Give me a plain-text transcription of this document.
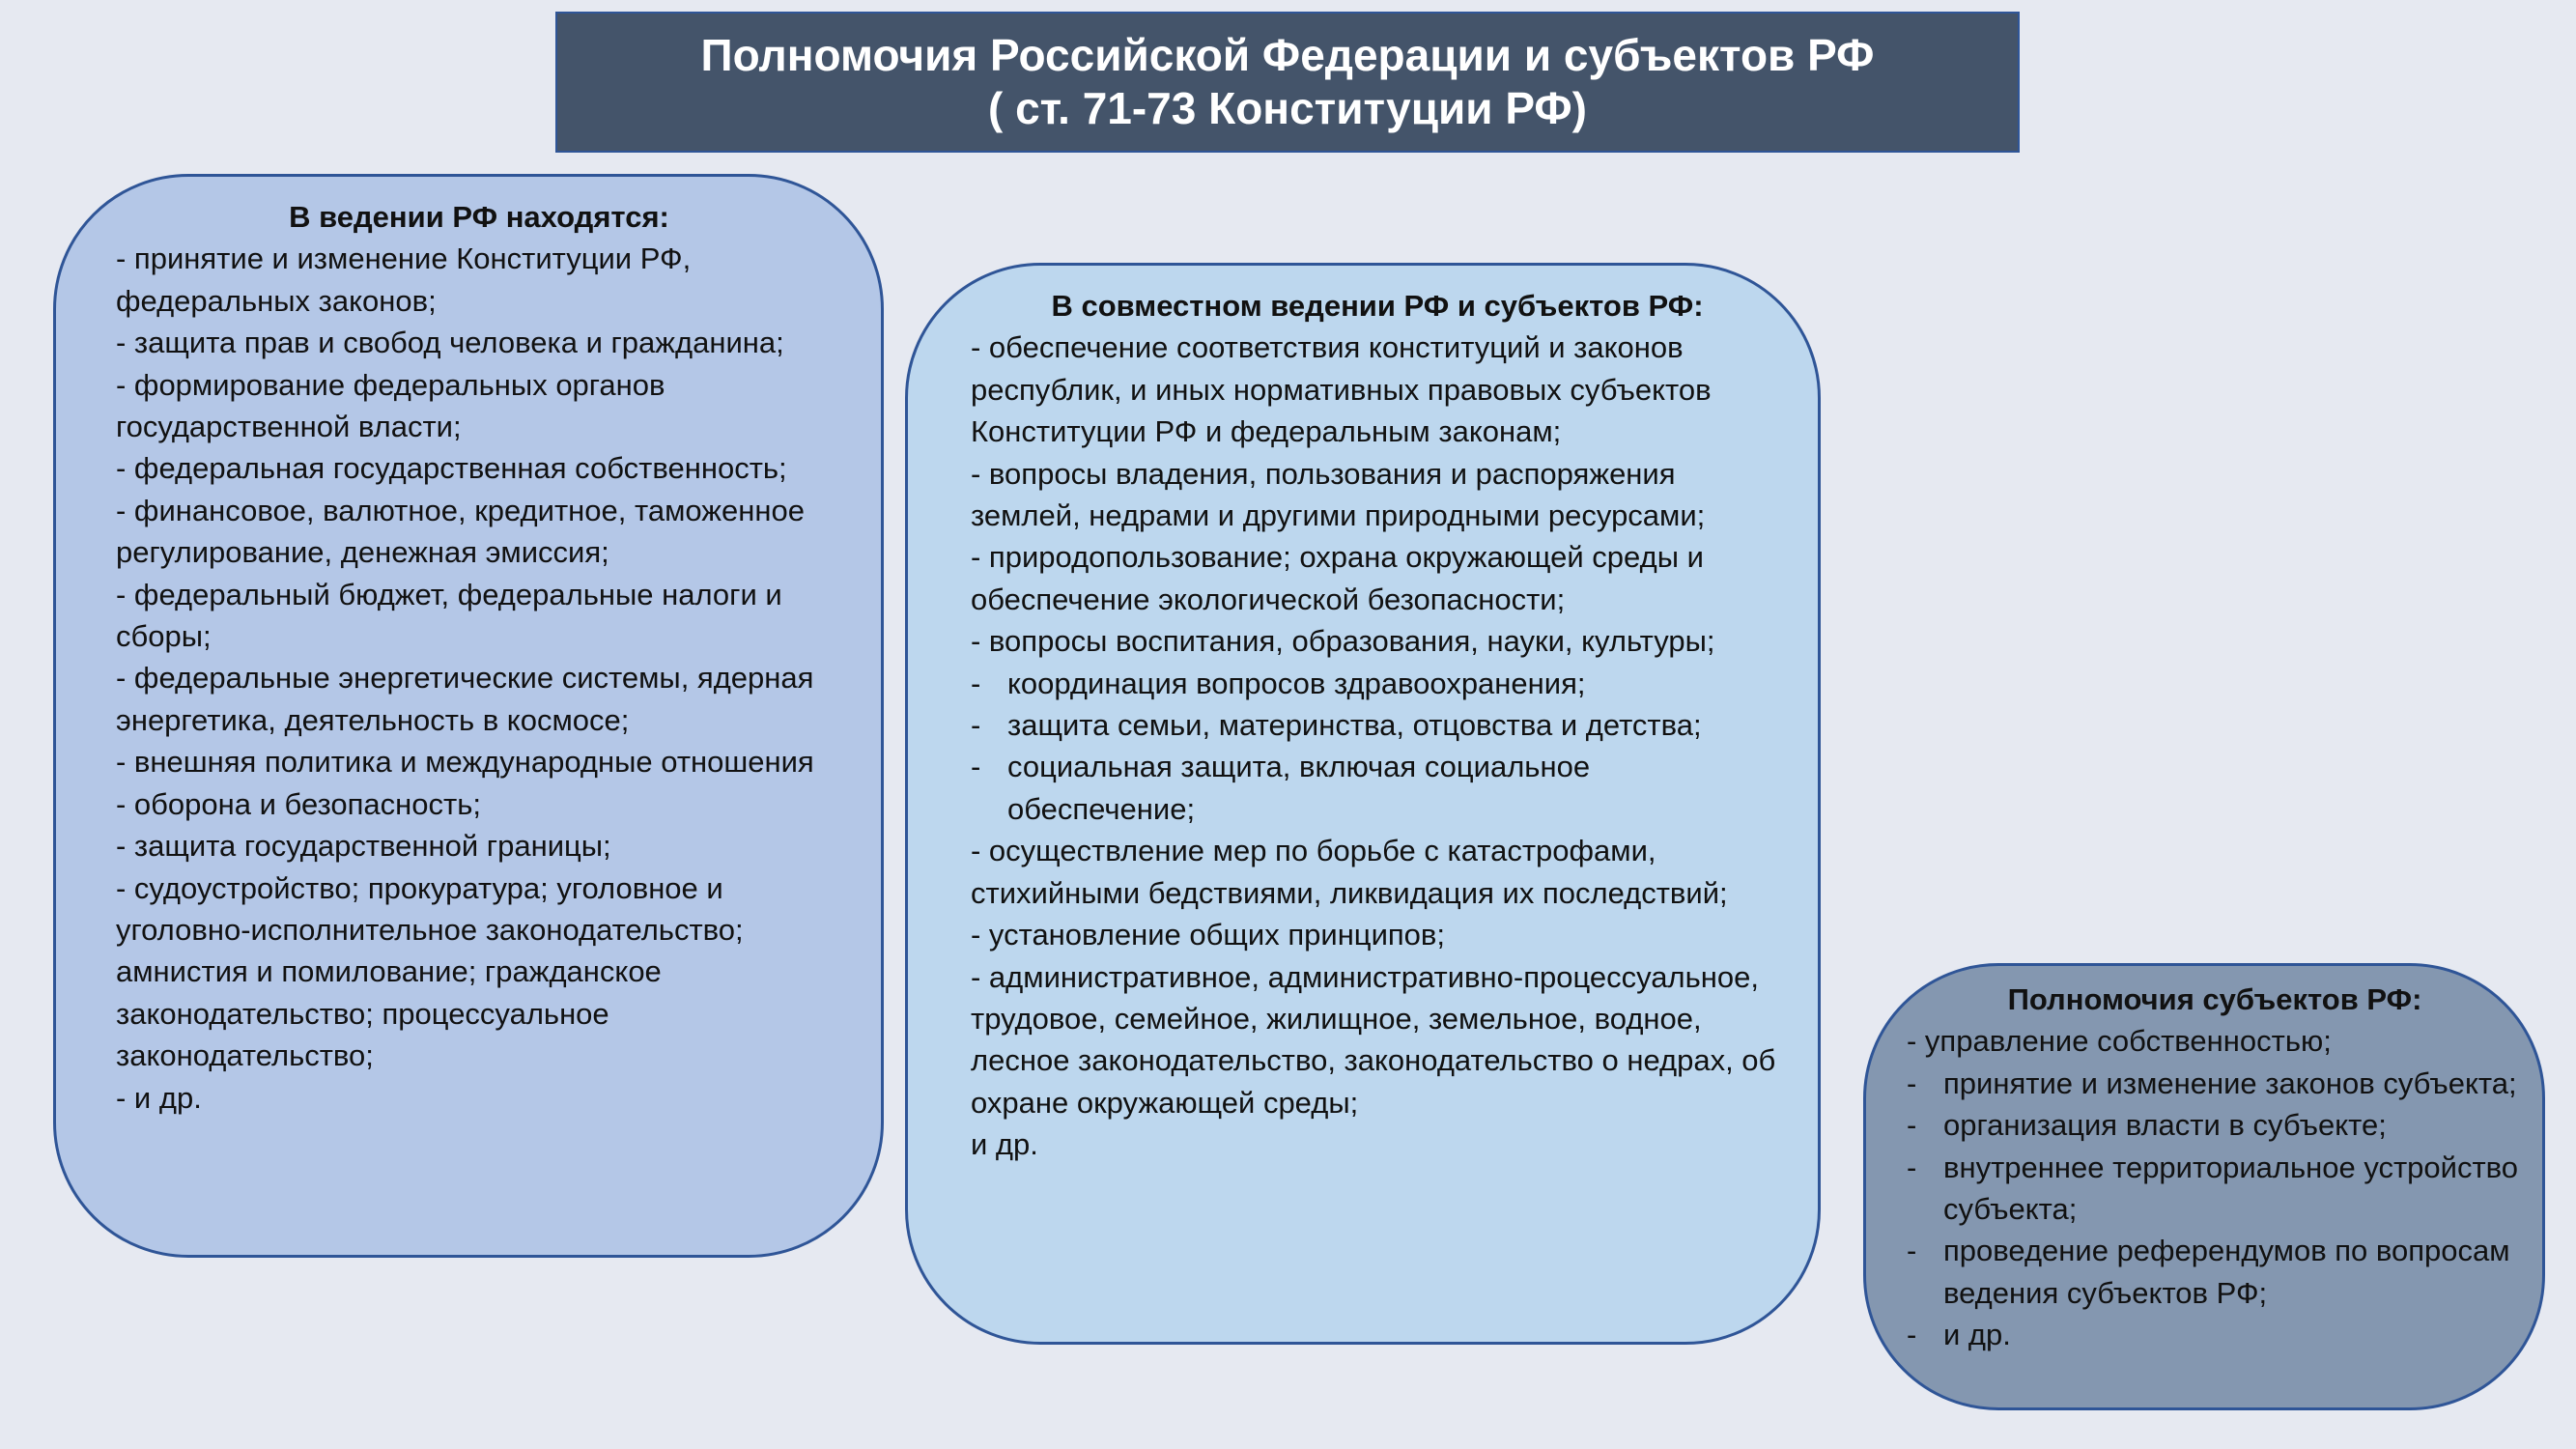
Полномочия Российской Федерации и субъектов РФ
( ст. 71-73 Конституции РФ)

В ведении РФ находятся:

- принятие и изменение Конституции РФ, федеральных законов;

- защита прав и свобод человека и гражданина;

- формирование федеральных органов государственной власти;

- федеральная государственная собственность;

- финансовое, валютное, кредитное, таможенное регулирование, денежная эмиссия;

- федеральный бюджет, федеральные налоги и сборы;

- федеральные энергетические системы, ядерная энергетика, деятельность в космосе;

- внешняя политика и международные отношения

- оборона и безопасность;

- защита государственной границы;

- судоустройство; прокуратура; уголовное и уголовно-исполнительное законодательство; амнистия и помилование; гражданское законодательство; процессуальное законодательство;

- и др.

В совместном ведении РФ и субъектов РФ:

- обеспечение соответствия конституций и законов республик, и иных нормативных правовых субъектов Конституции РФ и федеральным законам;

- вопросы владения, пользования и распоряжения землей, недрами и другими природными ресурсами;

- природопользование; охрана окружающей среды и обеспечение экологической безопасности;

- вопросы воспитания, образования, науки, культуры;

- координация вопросов здравоохранения;

- защита семьи, материнства, отцовства и детства;

- социальная защита, включая социальное обеспечение;

- осуществление мер по борьбе с катастрофами, стихийными бедствиями, ликвидация их последствий;

- установление общих принципов;

- административное, административно-процессуальное, трудовое, семейное, жилищное, земельное, водное, лесное законодательство, законодательство о недрах, об охране окружающей среды;

и др.

Полномочия субъектов РФ:

- управление собственностью;

- принятие и изменение законов субъекта;

- организация власти в субъекте;

- внутреннее территориальное устройство субъекта;

- проведение референдумов по вопросам ведения субъектов РФ;

- и др.
